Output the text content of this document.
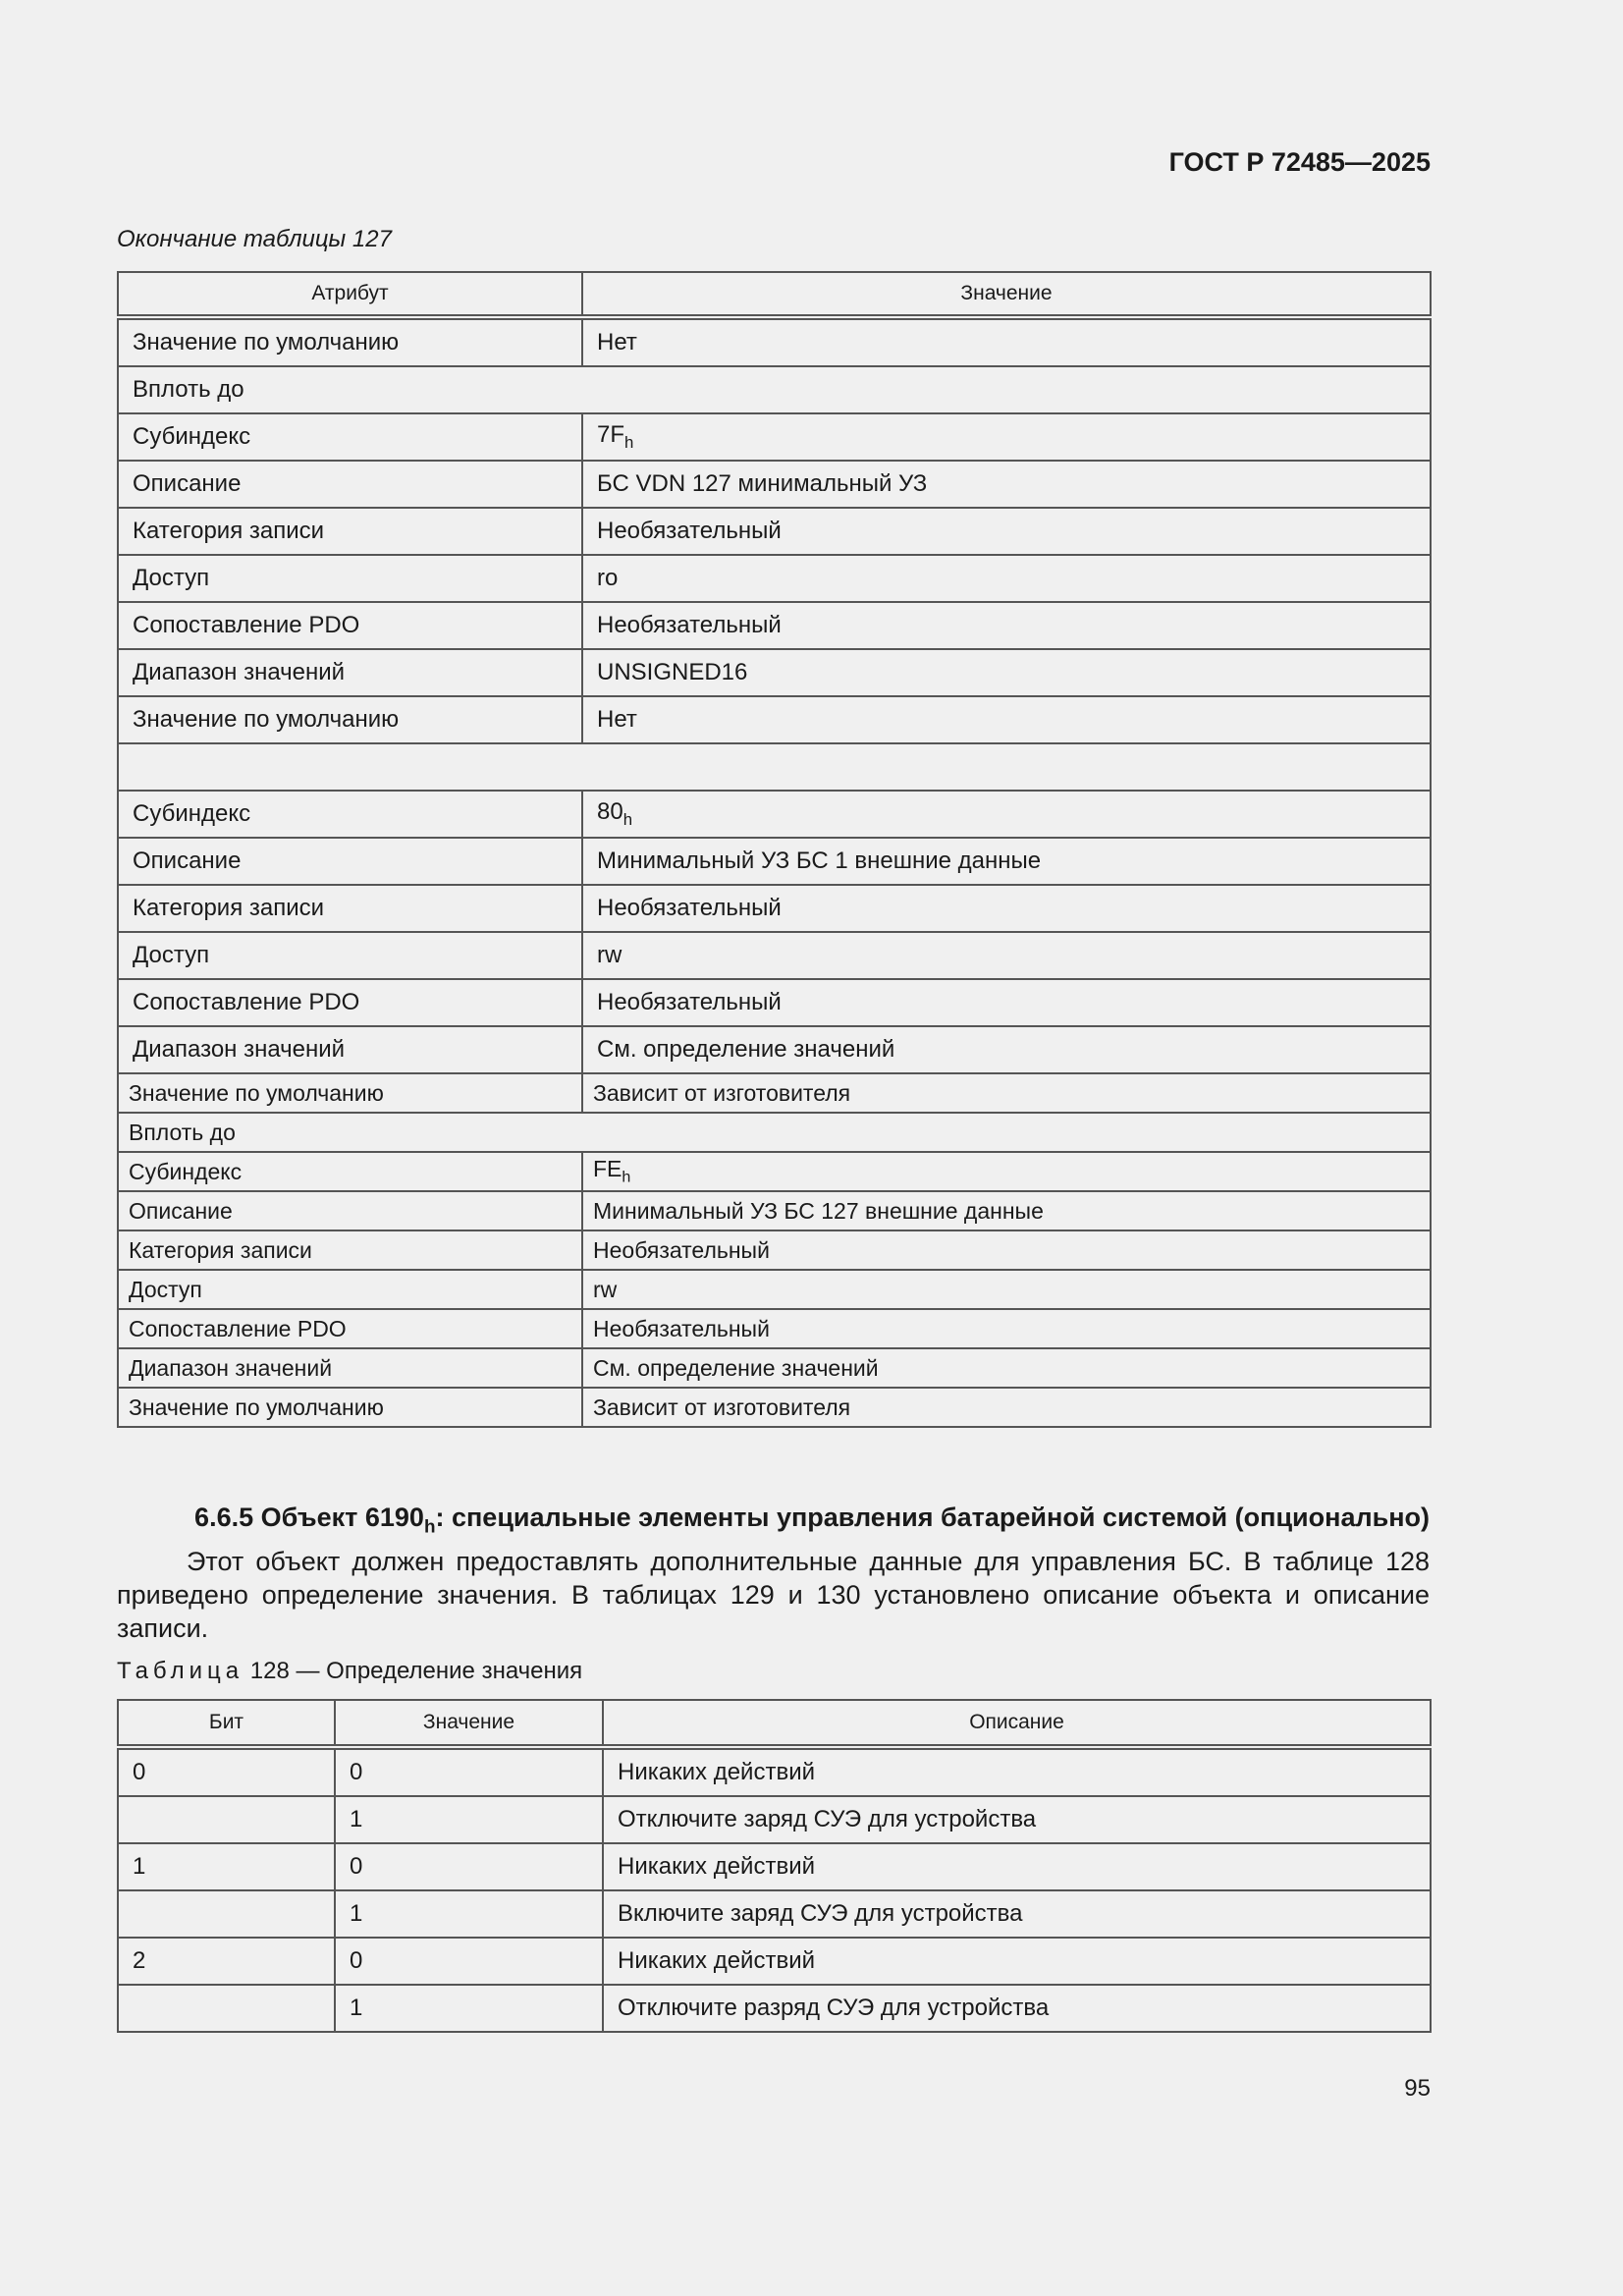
ГОСТ Р 72485—2025
Окончание таблицы 127
Атрибут	Значение
Значение по умолчанию	Нет
Вплоть до	
Субиндекс	$7F_h$
Описание	БС VDN 127 минимальный УЗ
Категория записи	Необязательный
Доступ	ro
Сопоставление PDO	Необязательный
Диапазон значений	UNSIGNED16
Значение по умолчанию	Нет

Субиндекс	$80_h$
Описание	Минимальный УЗ БС 1 внешние данные
Категория записи	Необязательный
Доступ	rw
Сопоставление PDO	Необязательный
Диапазон значений	См. определение значений
Значение по умолчанию	Зависит от изготовителя
Вплоть до	
Субиндекс	$FE_h$
Описание	Минимальный УЗ БС 127 внешние данные
Категория записи	Необязательный
Доступ	rw
Сопоставление PDO	Необязательный
Диапазон значений	См. определение значений
Значение по умолчанию	Зависит от изготовителя
6.6.5 Объект $6190_h$: специальные элементы управления батарейной системой (опционально)
Этот объект должен предоставлять дополнительные данные для управления БС. В таблице 128 приведено определение значения. В таблицах 129 и 130 установлено описание объекта и описание записи.
Таблица 128 — Определение значения
Бит	Значение	Описание
0	0	Никаких действий
	1	Отключите заряд СУЭ для устройства
1	0	Никаких действий
	1	Включите заряд СУЭ для устройства
2	0	Никаких действий
	1	Отключите разряд СУЭ для устройства
95
